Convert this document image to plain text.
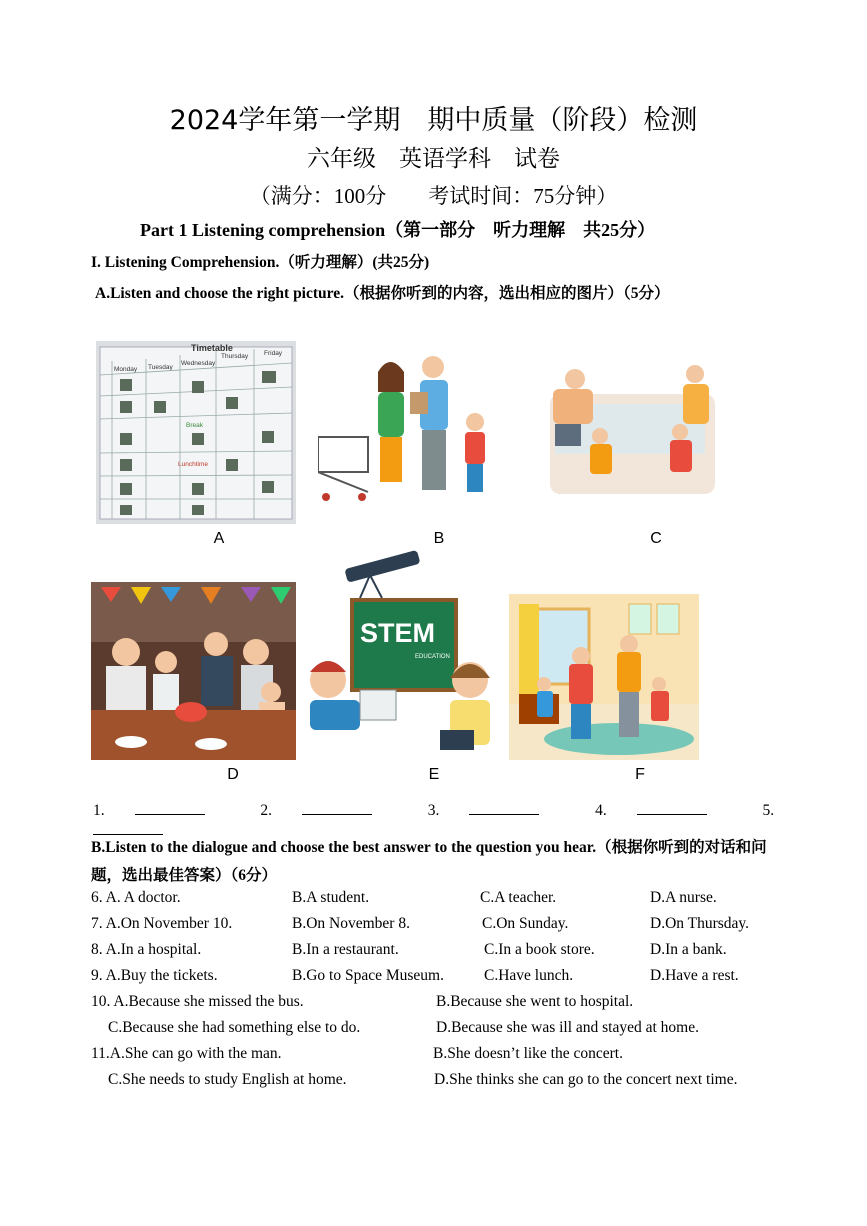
2024学年第一学期　期中质量（阶段）检测
六年级　英语学科　试卷
（满分：100分　　考试时间：75分钟）
Part 1 Listening comprehension（第一部分　听力理解　共25分）
I. Listening Comprehension.（听力理解）(共25分)
A.Listen and choose the right picture.（根据你听到的内容，选出相应的图片）（5分）
Timetable
Monday Tuesday
Wednesday
Thursday Friday
Break
Lunchtime
A	B	C
D
STEM
EDUCATION
E	F
1.	2.	3.	4.	5.
B.Listen to the dialogue and choose the best answer to the question you hear.（根据你听到的对话和问题，选出最佳答案）（6分）
6. A. A doctor.	B.A student.	C.A teacher.	D.A nurse.
7. A.On November 10.	B.On November 8.	C.On Sunday.	D.On Thursday.
8. A.In a hospital.	B.In a restaurant.	C.In a book store.	D.In a bank.
9. A.Buy the tickets.	B.Go to Space Museum.	C.Have lunch.	D.Have a rest.
10. A.Because she missed the bus.	B.Because she went to hospital.
C.Because she had something else to do.	D.Because she was ill and stayed at home.
11.A.She can go with the man.	B.She doesn’t like the concert.
C.She needs to study English at home.	D.She thinks she can go to the concert next time.
